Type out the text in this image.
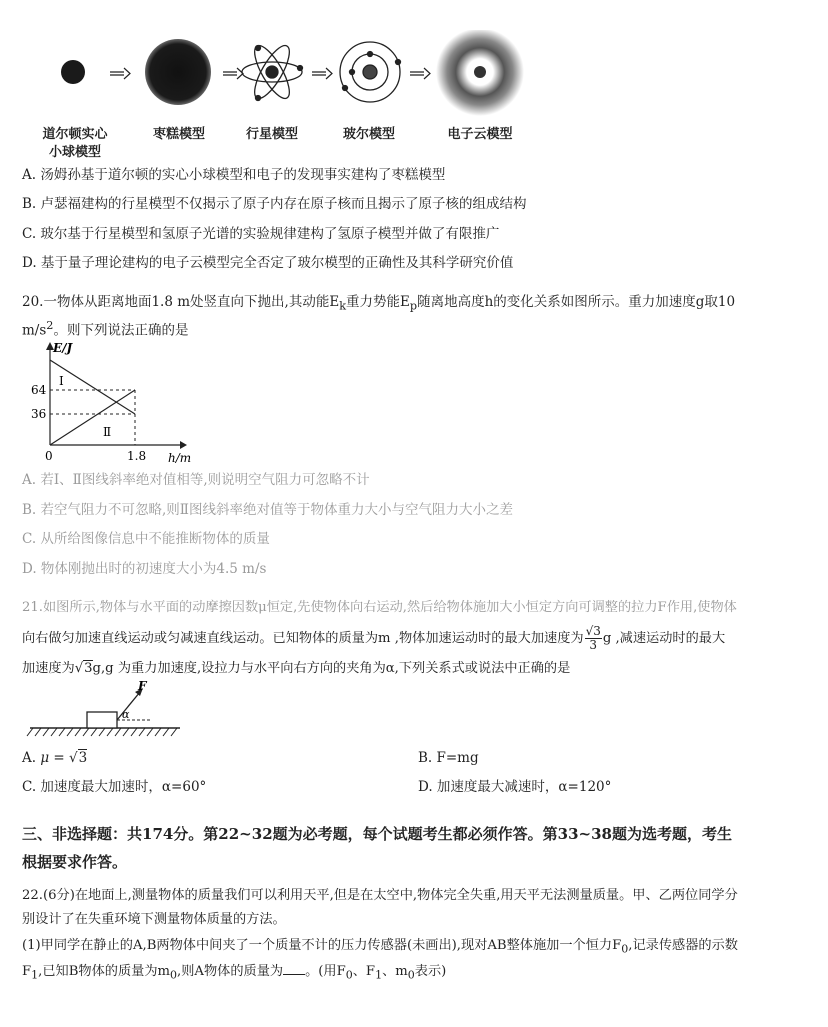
道尔顿实心
小球模型
枣糕模型	行星模型	玻尔模型	电子云模型
A. 汤姆孙基于道尔顿的实心小球模型和电子的发现事实建构了枣糕模型
B. 卢瑟福建构的行星模型不仅揭示了原子内存在原子核而且揭示了原子核的组成结构
C. 玻尔基于行星模型和氢原子光谱的实验规律建构了氢原子模型并做了有限推广
D. 基于量子理论建构的电子云模型完全否定了玻尔模型的正确性及其科学研究价值
20.一物体从距离地面1.8 m处竖直向下抛出,其动能$E_k$重力势能$E_p$随离地高度h的变化关系如图所示。重力加速度g取10
$m/s^2$。则下列说法正确的是
E/J
h/m
64
36
0	1.8
Ⅰ
Ⅱ
A. 若Ⅰ、Ⅱ图线斜率绝对值相等,则说明空气阻力可忽略不计
B. 若空气阻力不可忽略,则Ⅱ图线斜率绝对值等于物体重力大小与空气阻力大小之差
C. 从所给图像信息中不能推断物体的质量
D. 物体刚抛出时的初速度大小为4.5 m/s
21.如图所示,物体与水平面的动摩擦因数μ恒定,先使物体向右运动,然后给物体施加大小恒定方向可调整的拉力F作用,使物体
向右做匀加速直线运动或匀减速直线运动。已知物体的质量为m ,物体加速运动时的最大加速度为 $\frac{√3}{3}$ g ,减速运动时的最大
加速度为√3g,g 为重力加速度,设拉力与水平向右方向的夹角为α,下列关系式或说法中正确的是
F
α
A. μ = √3	B. F=mg
C. 加速度最大加速时，α=60°	D. 加速度最大减速时，α=120°
三、非选择题：共174分。第22~32题为必考题，每个试题考生都必须作答。第33~38题为选考题，考生
根据要求作答。
22.(6分)在地面上,测量物体的质量我们可以利用天平,但是在太空中,物体完全失重,用天平无法测量质量。甲、乙两位同学分
别设计了在失重环境下测量物体质量的方法。
(1)甲同学在静止的A,B两物体中间夹了一个质量不计的压力传感器(未画出),现对AB整体施加一个恒力$F_0$,记录传感器的示数
$F_1$,已知B物体的质量为$m_0$,则A物体的质量为 。(用$F_0$、$F_1$、$m_0$表示)
